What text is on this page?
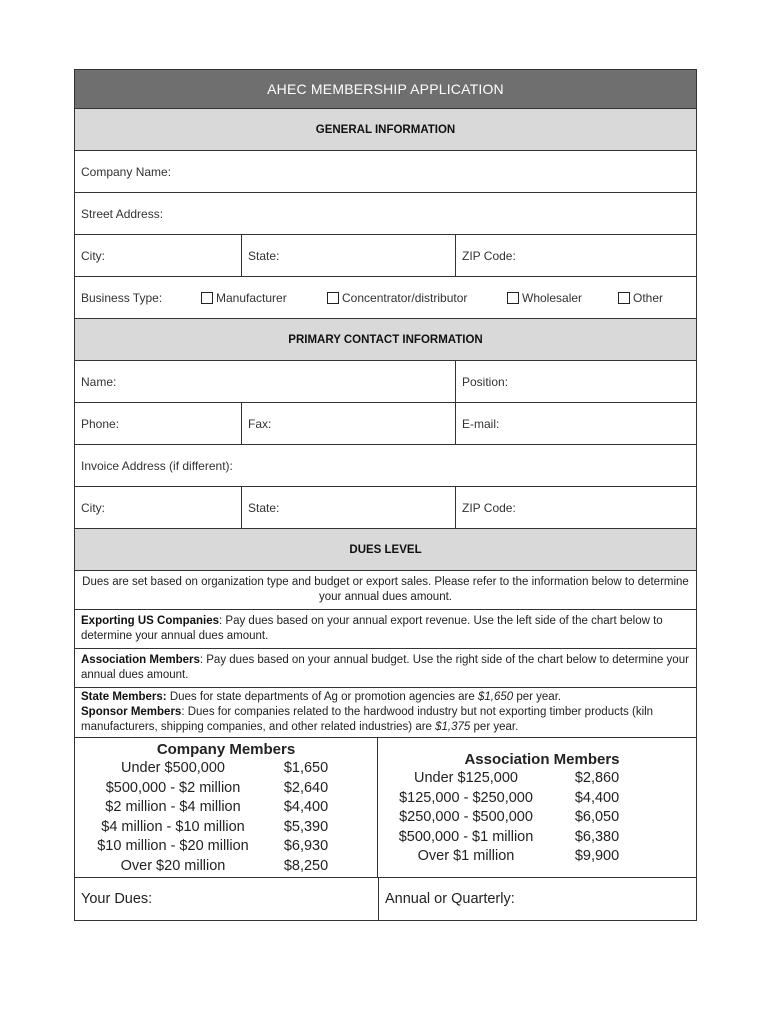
AHEC MEMBERSHIP APPLICATION
GENERAL INFORMATION
Company Name:
Street Address:
City:	State:	ZIP Code:
Business Type:	Manufacturer	Concentrator/distributor	Wholesaler	Other
PRIMARY CONTACT INFORMATION
Name:	Position:
Phone:	Fax:	E-mail:
Invoice Address (if different):
City:	State:	ZIP Code:
DUES LEVEL
Dues are set based on organization type and budget or export sales. Please refer to the information below to determine your annual dues amount.
Exporting US Companies: Pay dues based on your annual export revenue. Use the left side of the chart below to determine your annual dues amount.
Association Members: Pay dues based on your annual budget. Use the right side of the chart below to determine your annual dues amount.
State Members: Dues for state departments of Ag or promotion agencies are $1,650 per year.
Sponsor Members: Dues for companies related to the hardwood industry but not exporting timber products (kiln manufacturers, shipping companies, and other related industries) are $1,375 per year.
Company Members
Under $500,000	$1,650
$500,000 - $2 million	$2,640
$2 million - $4 million	$4,400
$4 million - $10 million	$5,390
$10 million - $20 million	$6,930
Over $20 million	$8,250
Association Members
Under $125,000	$2,860
$125,000 - $250,000	$4,400
$250,000 - $500,000	$6,050
$500,000 - $1 million	$6,380
Over $1 million	$9,900
Your Dues:	Annual or Quarterly:
